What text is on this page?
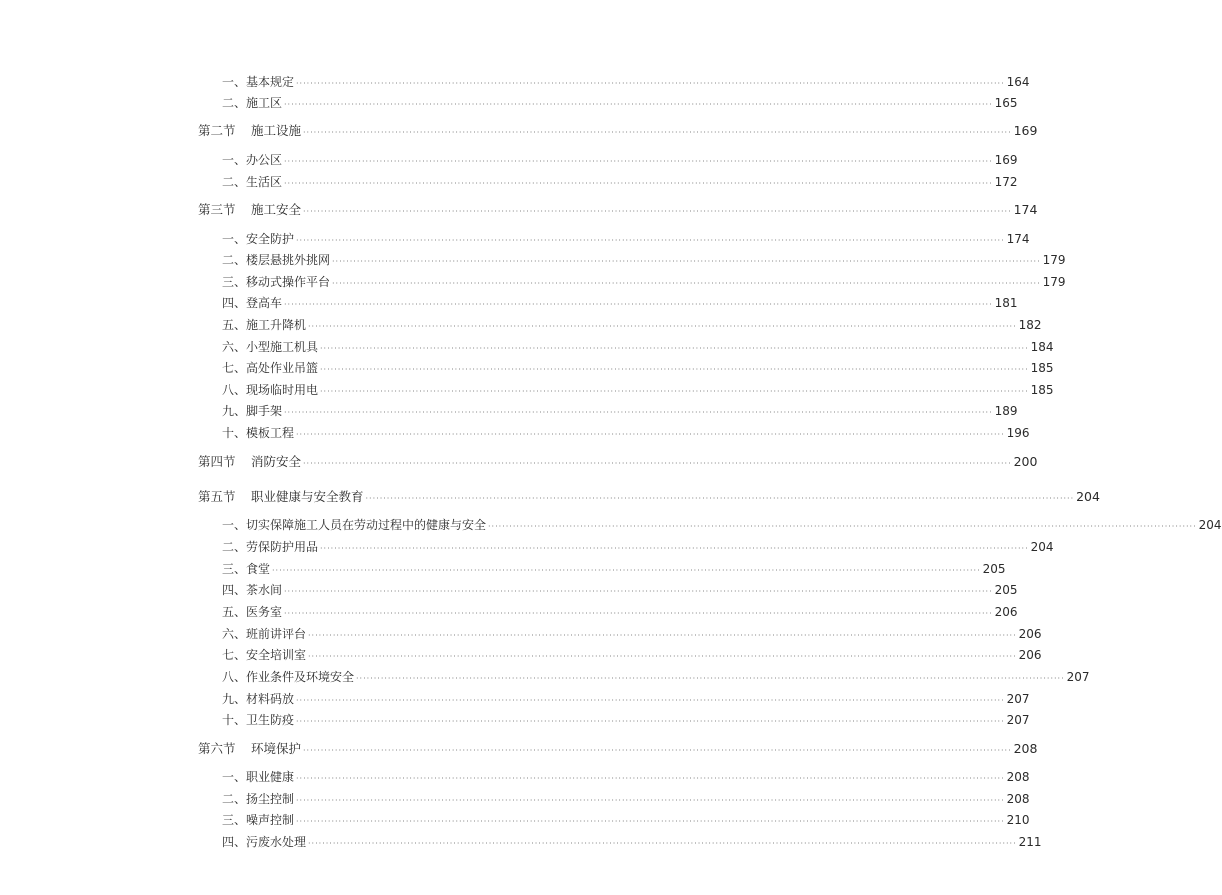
一、基本规定 ········································································································································································································ 164
二、施工区 ········································································································································································································ 165
第二节 施工设施 ········································································································································································································ 169
一、办公区 ········································································································································································································ 169
二、生活区 ········································································································································································································ 172
第三节 施工安全 ········································································································································································································ 174
一、安全防护 ········································································································································································································ 174
二、楼层悬挑外挑网 ········································································································································································································ 179
三、移动式操作平台 ········································································································································································································ 179
四、登高车 ········································································································································································································ 181
五、施工升降机 ········································································································································································································ 182
六、小型施工机具 ········································································································································································································ 184
七、高处作业吊篮 ········································································································································································································ 185
八、现场临时用电 ········································································································································································································ 185
九、脚手架 ········································································································································································································ 189
十、模板工程 ········································································································································································································ 196
第四节 消防安全 ········································································································································································································ 200
第五节 职业健康与安全教育 ········································································································································································································ 204
一、切实保障施工人员在劳动过程中的健康与安全 ········································································································································································································ 204
二、劳保防护用品 ········································································································································································································ 204
三、食堂 ········································································································································································································ 205
四、茶水间 ········································································································································································································ 205
五、医务室 ········································································································································································································ 206
六、班前讲评台 ········································································································································································································ 206
七、安全培训室 ········································································································································································································ 206
八、作业条件及环境安全 ········································································································································································································ 207
九、材料码放 ········································································································································································································ 207
十、卫生防疫 ········································································································································································································ 207
第六节 环境保护 ········································································································································································································ 208
一、职业健康 ········································································································································································································ 208
二、扬尘控制 ········································································································································································································ 208
三、噪声控制 ········································································································································································································ 210
四、污废水处理 ········································································································································································································ 211
